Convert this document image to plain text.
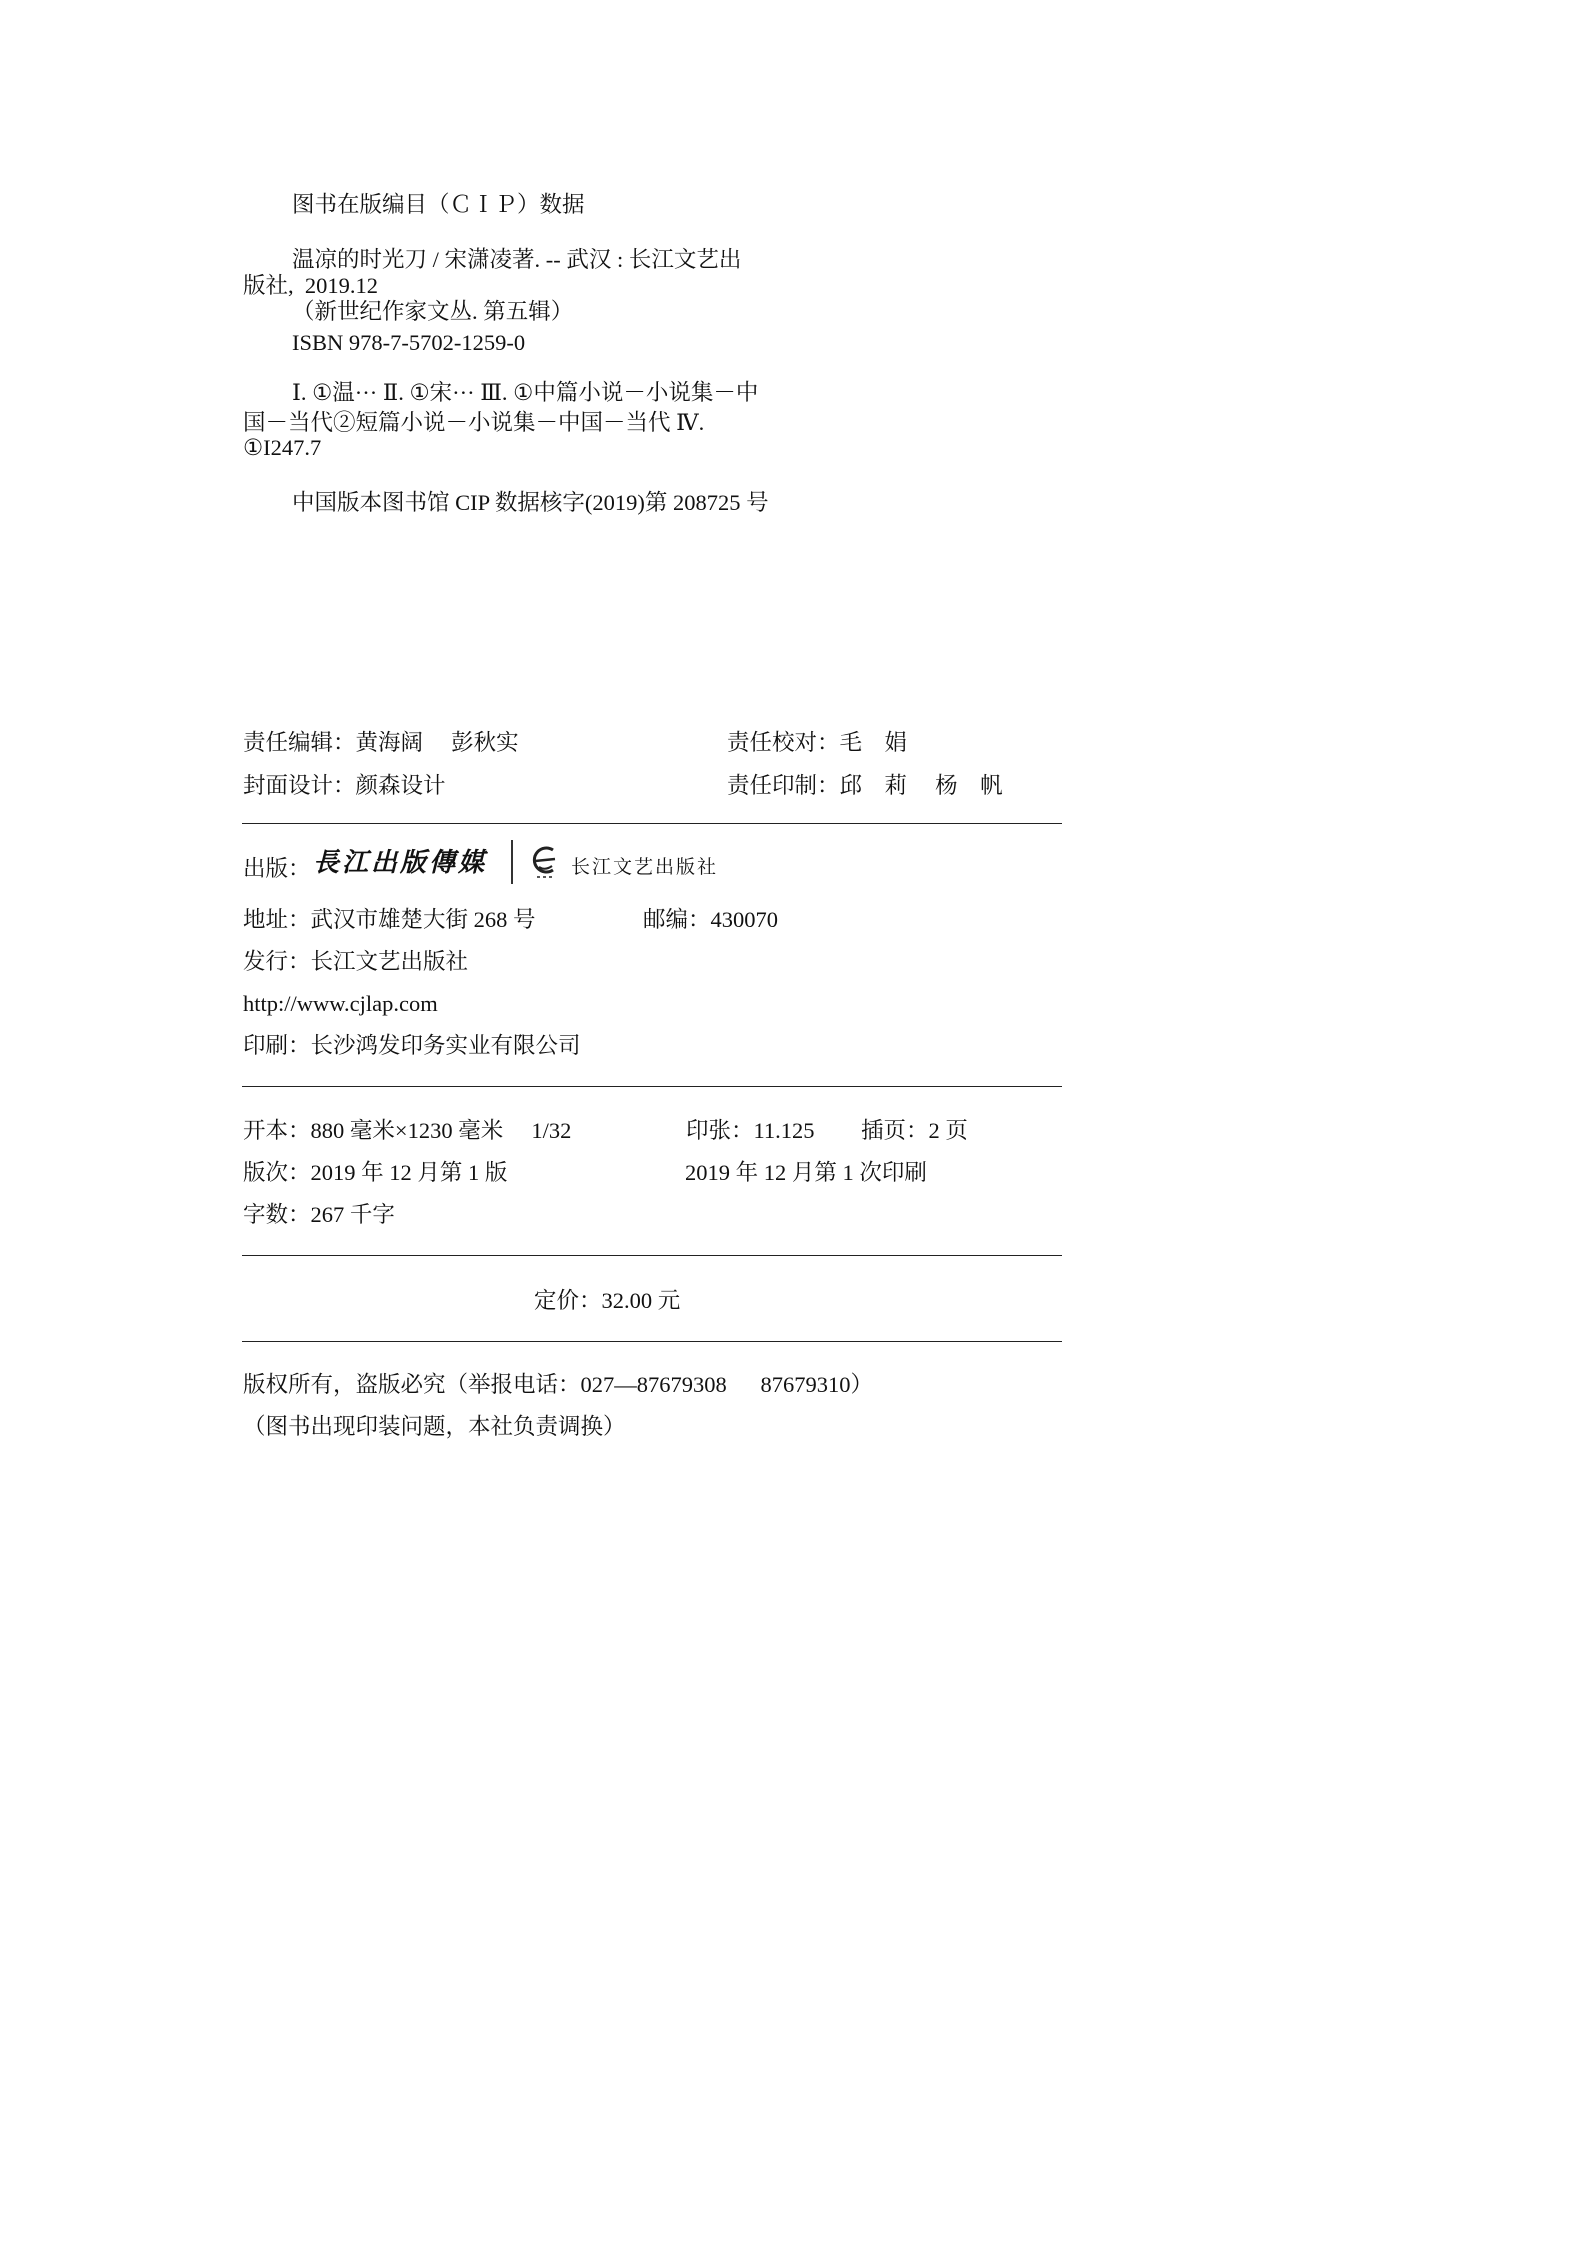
图书在版编目（ＣＩＰ）数据
温凉的时光刀 / 宋潇凌著. -- 武汉 : 长江文艺出
版社,  2019.12
（新世纪作家文丛. 第五辑）
ISBN 978-7-5702-1259-0
Ⅰ. ①温··· Ⅱ. ①宋··· Ⅲ. ①中篇小说－小说集－中
国－当代②短篇小说－小说集－中国－当代 Ⅳ.
①I247.7
中国版本图书馆 CIP 数据核字(2019)第 208725 号
责任编辑：黄海阔　 彭秋实	责任校对：毛　娟
封面设计：颜森设计	责任印制：邱　莉　 杨　帆
出版： 長江出版傳媒	长江文艺出版社
地址：武汉市雄楚大街 268 号	邮编：430070
发行：长江文艺出版社
http://www.cjlap.com
印刷：长沙鸿发印务实业有限公司
开本：880 毫米×1230 毫米　 1/32	印张：11.125 插页：2 页
版次：2019 年 12 月第 1 版	2019 年 12 月第 1 次印刷
字数：267 千字
定价：32.00 元
版权所有，盗版必究（举报电话：027—87679308　  87679310）
（图书出现印装问题，本社负责调换）
